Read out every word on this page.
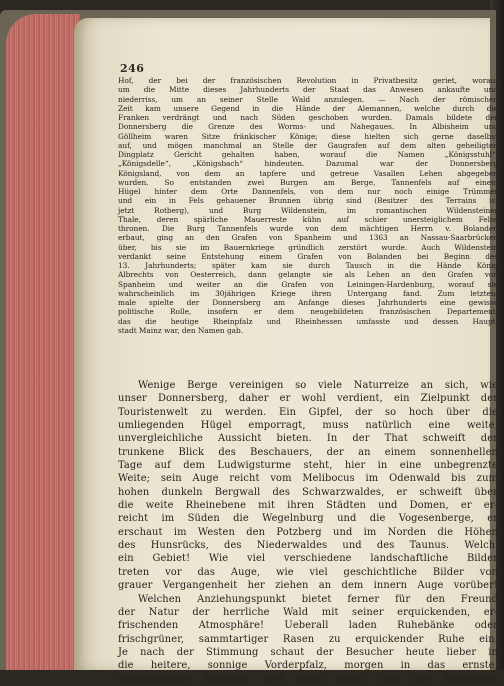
246
Hof, der bei der französischen Revolution in Privatbesitz geriet, worauf
um die Mitte dieses Jahrhunderts der Staat das Anwesen ankaufte und
niederriss, um an seiner Stelle Wald anzulegen. — Nach der römischen
Zeit kam unsere Gegend in die Hände der Alemannen, welche durch die
Franken verdrängt und nach Süden geschoben wurden. Damals bildete der
Donnersberg die Grenze des Worms- und Nahegaues. In Albisheim und
Göllheim waren Sitze fränkischer Könige; diese hielten sich gerne daselbst
auf, und mögen manchmal an Stelle der Gaugrafen auf dem alten geheiligten
Dingplatz Gericht gehalten haben, worauf die Namen „Königsstuhl“,
„Königsdelle“, „Königsbach“ hindeuten. Dazumal war der Donnersberg
Königsland, von dem an tapfere und getreue Vasallen Lehen abgegeben
wurden. So entstanden zwei Burgen am Berge, Tannenfels auf einem
Hügel hinter dem Orte Dannenfels, von dem nur noch einige Trümmer
und ein in Fels gehauener Brunnen übrig sind (Besitzer des Terrains ist
jetzt Rotberg), und Burg Wildenstein, im romantischen Wildensteiner
Thale, deren spärliche Mauerreste kühn auf schier unersteiglichem Felse
thronen. Die Burg Tannenfels wurde von dem mächtigen Herrn v. Bolanden
erbaut, ging an den Grafen von Spanheim und 1363 an Nassau-Saarbrücken
über, bis sie im Bauernkriege gründlich zerstört wurde. Auch Wildenstein
verdankt seine Entstehung einem Grafen von Bolanden bei Beginn des
13. Jahrhunderts; später kam sie durch Tausch in die Hände König
Albrechts von Oesterreich, dann gelangte sie als Lehen an den Grafen von
Spanheim und weiter an die Grafen von Leiningen-Hardenburg, worauf sie
wahrscheinlich im 30jährigen Kriege ihren Untergang fand. Zum letzten-
male spielte der Donnersberg am Anfange dieses Jahrhunderts eine gewisse
politische Rolle, insofern er dem neugebildeten französischen Departement,
das die heutige Rheinpfalz und Rheinhessen umfasste und dessen Haupt-
stadt Mainz war, den Namen gab.
Wenige Berge vereinigen so viele Naturreize an sich, wie
unser Donnersberg, daher er wohl verdient, ein Zielpunkt der
Touristenwelt zu werden. Ein Gipfel, der so hoch über die
umliegenden Hügel emporragt, muss natürlich eine weite,
unvergleichliche Aussicht bieten. In der That schweift der
trunkene Blick des Beschauers, der an einem sonnenhellen
Tage auf dem Ludwigsturme steht, hier in eine unbegrenzte
Weite; sein Auge reicht vom Melibocus im Odenwald bis zum
hohen dunkeln Bergwall des Schwarzwaldes, er schweift über
die weite Rheinebene mit ihren Städten und Domen, er er-
reicht im Süden die Wegelnburg und die Vogesenberge, er
erschaut im Westen den Potzberg und im Norden die Höhen
des Hunsrücks, des Niederwaldes und des Taunus. Welch'
ein Gebiet! Wie viel verschiedene landschaftliche Bilder
treten vor das Auge, wie viel geschichtliche Bilder von
grauer Vergangenheit her ziehen an dem innern Auge vorüber!
Welchen Anziehungspunkt bietet ferner für den Freund
der Natur der herrliche Wald mit seiner erquickenden, er-
frischenden Atmosphäre! Ueberall laden Ruhebänke oder
frischgrüner, sammtartiger Rasen zu erquickender Ruhe ein.
Je nach der Stimmung schaut der Besucher heute lieber in
die heitere, sonnige Vorderpfalz, morgen in das ernste,
waldbedeckte Westrich. Wer Ruhe sucht, wer der staubigen,
